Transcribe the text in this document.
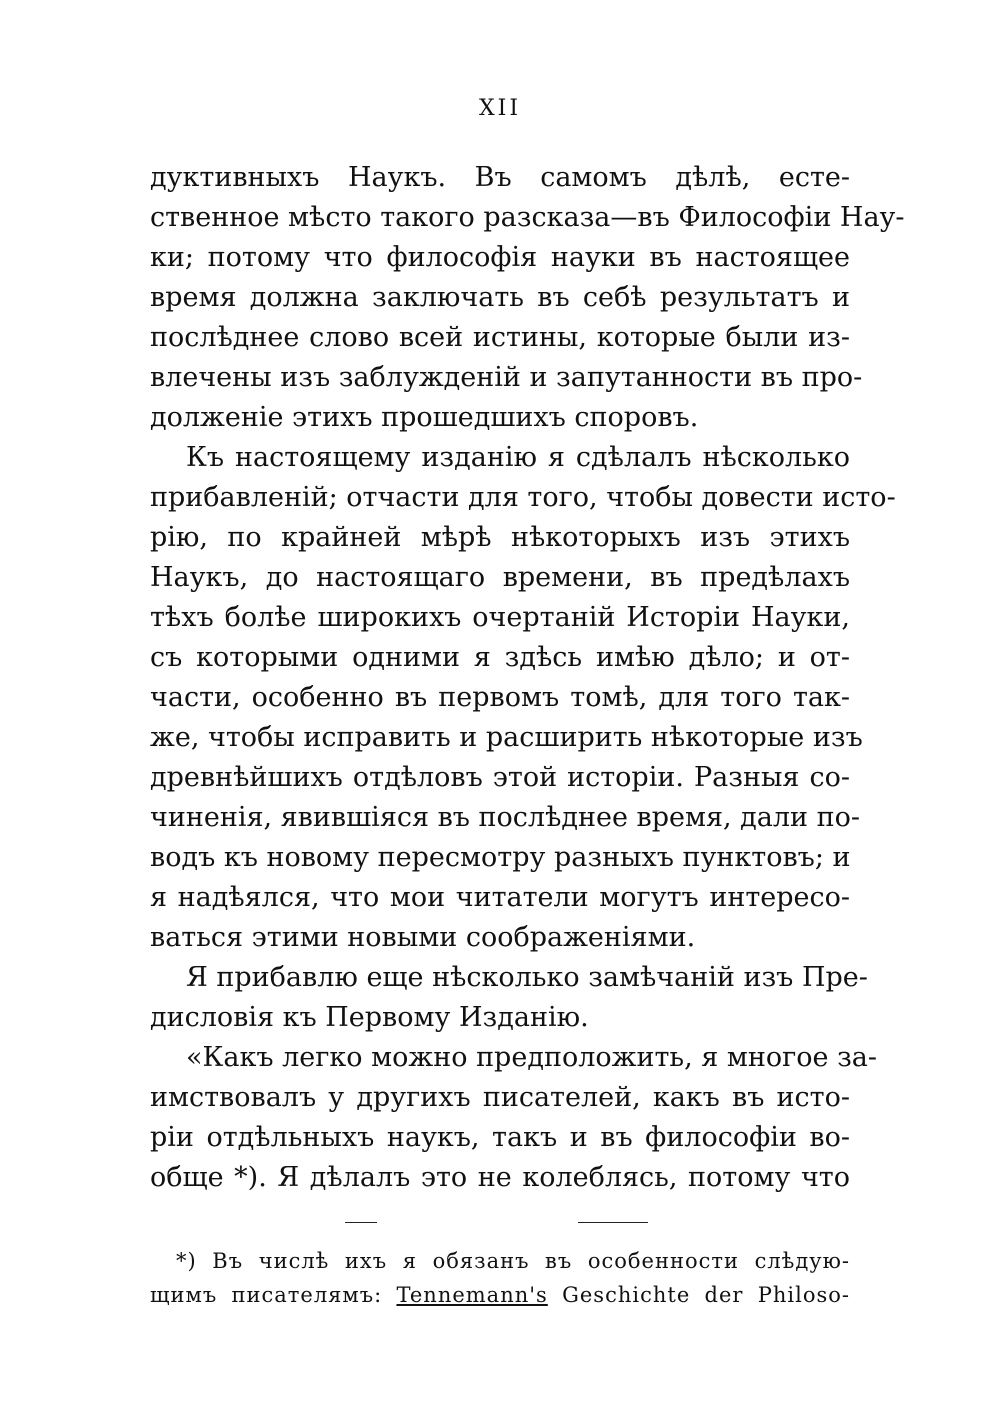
XII
дуктивныхъ Наукъ. Въ самомъ дѣлѣ, есте-
ственное мѣсто такого разсказа—въ Философіи Нау-
ки; потому что философія науки въ настоящее
время должна заключать въ себѣ результатъ и
послѣднее слово всей истины, которые были из-
влечены изъ заблужденій и запутанности въ про-
долженіе этихъ прошедшихъ споровъ.
Къ настоящему изданію я сдѣлалъ нѣсколько
прибавленій; отчасти для того, чтобы довести исто-
рію, по крайней мѣрѣ нѣкоторыхъ изъ этихъ
Наукъ, до настоящаго времени, въ предѣлахъ
тѣхъ болѣе широкихъ очертаній Исторіи Науки,
съ которыми одними я здѣсь имѣю дѣло; и от-
части, особенно въ первомъ томѣ, для того так-
же, чтобы исправить и расширить нѣкоторые изъ
древнѣйшихъ отдѣловъ этой исторіи. Разныя со-
чиненія, явившіяся въ послѣднее время, дали по-
водъ къ новому пересмотру разныхъ пунктовъ; и
я надѣялся, что мои читатели могутъ интересо-
ваться этими новыми соображеніями.
Я прибавлю еще нѣсколько замѣчаній изъ Пре-
дисловія къ Первому Изданію.
«Какъ легко можно предположить, я многое за-
имствовалъ у другихъ писателей, какъ въ исто-
ріи отдѣльныхъ наукъ, такъ и въ философіи во-
обще *). Я дѣлалъ это не колеблясь, потому что
*) Въ числѣ ихъ я обязанъ въ особенности слѣдую-
щимъ писателямъ: Tennemann's Geschichte der Philoso-
